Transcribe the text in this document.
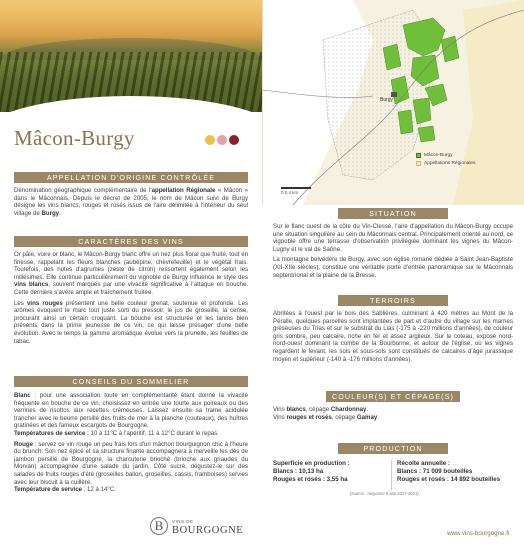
Mâcon-Burgy
APPELLATION D'ORIGINE CONTRÔLÉE
Dénomination géographique complémentaire de l'appellation Régionale « Mâcon » dans le Mâconnais. Depuis le décret de 2005, le nom de Mâcon suivi de Burgy désigne les vins blancs, rouges et rosés issus de l'aire délimitée à l'intérieur du seul village de Burgy.
CARACTÈRES DES VINS

Or pâle, voire or blanc, le Mâcon-Burgy blanc offre un nez plus floral que fruité, tout en finesse, rappelant les fleurs blanches (aubépine, chèvrefeuille) et le végétal frais. Toutefois, des notes d'agrumes (zeste de citron) ressortent également selon les millésimes. Elle continue particulièrement du vignoble de Burgy influence le style des vins blancs, souvent marqués par une vivacité significative à l'attaque en bouche. Cette dernière s'avère ample et fraîchement fruitée.

Les vins rouges présentent une belle couleur grenat, soutenue et profonde. Les arômes évoquent le marc tout juste sorti du pressoir, le jus de groseille, la cerise, procurant ainsi un certain croquant. La bouche est structurée et les tanins bien présents dans la prime jeunesse de ce vin, ce qui laisse présager d'une belle évolution. Avec le temps la gamme aromatique évolue vers la prunelle, les feuilles de tabac.

CONSEILS DU SOMMELIER

Blanc : pour une association toute en complémentarité étant donné la vivacité fréquente en bouche de ce vin, choisissez en entrée une tourte aux poireaux ou des verrines de risottos aux recettes crémeuses. Laissez ensuite sa trame acidulée trancher avec le beurre persillé des fruits de mer à la planche (couteaux), des huîtres gratinées et des fameux escargots de Bourgogne.
Températures de service : 10 à 11°C à l'apéritif, 11 à 12°C durant le repas.

Rouge : servez ce vin rouge un peu frais lors d'un mâchon bourguignon chic à l'heure du brunch. Son nez épicé et sa structure finante accompagnera à merveille les dés de jambon persillé de Bourgogne, la charcuterie brioché (brioche aux griaudes du Morvan) accompagnée d'une salade du jardin. Côté sucré, dégustez-le sur des salades de fruits rouges d'été (groseilles ballon, groseilles, cassis, framboises) servies avec leur biscuit à la cuillère.
Température de service : 12 à 14°C.

B	VINS DE
BOURGOGNE
Burgy
Mâcon-Burgy
Appellations Régionales
0 0,4 km
SITUATION

Sur le flanc ouest de la côte du Vin-Clessé, l'aire d'appellation du Mâcon-Burgy occupe une situation singulière au sein du Mâconnais central. Principalement orienté au nord, ce vignoble offre une terrasse d'observation privilégiée dominant les vignes du Mâcon-Lugny et le val de Saône.

La montagne belvédère de Burgy, avec son église romane dédiée à Saint Jean-Baptiste (XII-XIIe siècles), constitue une véritable porte d'entrée panoramique sur le Mâconnais septentrional et la plaine de la Bresse.

TERROIRS
Abritées à l'ouest par le bois des Sablières, culminant à 420 mètres au Mont de la Péralle, quelques parcelles sont implantées de part et d'autre du village sur les marnes gréseuses du Trias et sur le substrat du Lias (-175 à -220 millions d'années), de couleur gris sombre, peu calcaire, riche en fer et assez argileux. Sur le coteau, exposé nord-nord-ouest dominant la combe de la Bourbonne, et autour de l'église, où les vignes regardent le levant, les sols et sous-sols sont constitués de calcaires d'âge jurassique moyen et supérieur (-140 à -176 millions d'années).
COULEUR(S) ET CÉPAGE(S)
Vins blancs, cépage Chardonnay.
Vins rouges et rosés, cépage Gamay.
PRODUCTION
Superficie en production :
Blancs : 10,13 ha
Rouges et rosés : 3,55 ha
Récolte annuelle :
Blancs : 71 009 bouteilles
Rouges et rosés : 14 892 bouteilles
(source : moyenne 5 ans 2017-2021)
www.vins-bourgogne.fr
